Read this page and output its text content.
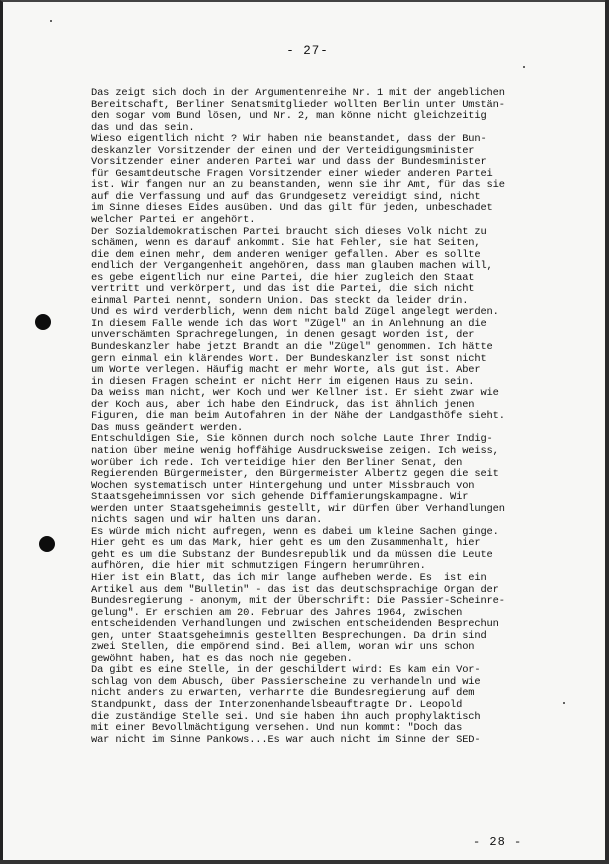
- 27-
Das zeigt sich doch in der Argumentenreihe Nr. 1 mit der angeblichen
Bereitschaft, Berliner Senatsmitglieder wollten Berlin unter Umstän-
den sogar vom Bund lösen, und Nr. 2, man könne nicht gleichzeitig
das und das sein.
Wieso eigentlich nicht ? Wir haben nie beanstandet, dass der Bun-
deskanzler Vorsitzender der einen und der Verteidigungsminister
Vorsitzender einer anderen Partei war und dass der Bundesminister
für Gesamtdeutsche Fragen Vorsitzender einer wieder anderen Partei
ist. Wir fangen nur an zu beanstanden, wenn sie ihr Amt, für das sie
auf die Verfassung und auf das Grundgesetz vereidigt sind, nicht
im Sinne dieses Eides ausüben. Und das gilt für jeden, unbeschadet
welcher Partei er angehört.
Der Sozialdemokratischen Partei braucht sich dieses Volk nicht zu
schämen, wenn es darauf ankommt. Sie hat Fehler, sie hat Seiten,
die dem einen mehr, dem anderen weniger gefallen. Aber es sollte
endlich der Vergangenheit angehören, dass man glauben machen will,
es gebe eigentlich nur eine Partei, die hier zugleich den Staat
vertritt und verkörpert, und das ist die Partei, die sich nicht
einmal Partei nennt, sondern Union. Das steckt da leider drin.
Und es wird verderblich, wenn dem nicht bald Zügel angelegt werden.
In diesem Falle wende ich das Wort "Zügel" an in Anlehnung an die
unverschämten Sprachregelungen, in denen gesagt worden ist, der
Bundeskanzler habe jetzt Brandt an die "Zügel" genommen. Ich hätte
gern einmal ein klärendes Wort. Der Bundeskanzler ist sonst nicht
um Worte verlegen. Häufig macht er mehr Worte, als gut ist. Aber
in diesen Fragen scheint er nicht Herr im eigenen Haus zu sein.
Da weiss man nicht, wer Koch und wer Kellner ist. Er sieht zwar wie
der Koch aus, aber ich habe den Eindruck, das ist ähnlich jenen
Figuren, die man beim Autofahren in der Nähe der Landgasthöfe sieht.
Das muss geändert werden.
Entschuldigen Sie, Sie können durch noch solche Laute Ihrer Indig-
nation über meine wenig hoffähige Ausdrucksweise zeigen. Ich weiss,
worüber ich rede. Ich verteidige hier den Berliner Senat, den
Regierenden Bürgermeister, den Bürgermeister Albertz gegen die seit
Wochen systematisch unter Hintergehung und unter Missbrauch von
Staatsgeheimnissen vor sich gehende Diffamierungskampagne. Wir
werden unter Staatsgeheimnis gestellt, wir dürfen über Verhandlungen
nichts sagen und wir halten uns daran.
Es würde mich nicht aufregen, wenn es dabei um kleine Sachen ginge.
Hier geht es um das Mark, hier geht es um den Zusammenhalt, hier
geht es um die Substanz der Bundesrepublik und da müssen die Leute
aufhören, die hier mit schmutzigen Fingern herumrühren.
Hier ist ein Blatt, das ich mir lange aufheben werde. Es  ist ein
Artikel aus dem "Bulletin" - das ist das deutschsprachige Organ der
Bundesregierung - anonym, mit der Überschrift: Die Passier-Scheinre-
gelung". Er erschien am 20. Februar des Jahres 1964, zwischen
entscheidenden Verhandlungen und zwischen entscheidenden Besprechun
gen, unter Staatsgeheimnis gestellten Besprechungen. Da drin sind
zwei Stellen, die empörend sind. Bei allem, woran wir uns schon
gewöhnt haben, hat es das noch nie gegeben.
Da gibt es eine Stelle, in der geschildert wird: Es kam ein Vor-
schlag von dem Abusch, über Passierscheine zu verhandeln und wie
nicht anders zu erwarten, verharrte die Bundesregierung auf dem
Standpunkt, dass der Interzonenhandelsbeauftragte Dr. Leopold
die zuständige Stelle sei. Und sie haben ihn auch prophylaktisch
mit einer Bevollmächtigung versehen. Und nun kommt: "Doch das
war nicht im Sinne Pankows...Es war auch nicht im Sinne der SED-
- 28 -
